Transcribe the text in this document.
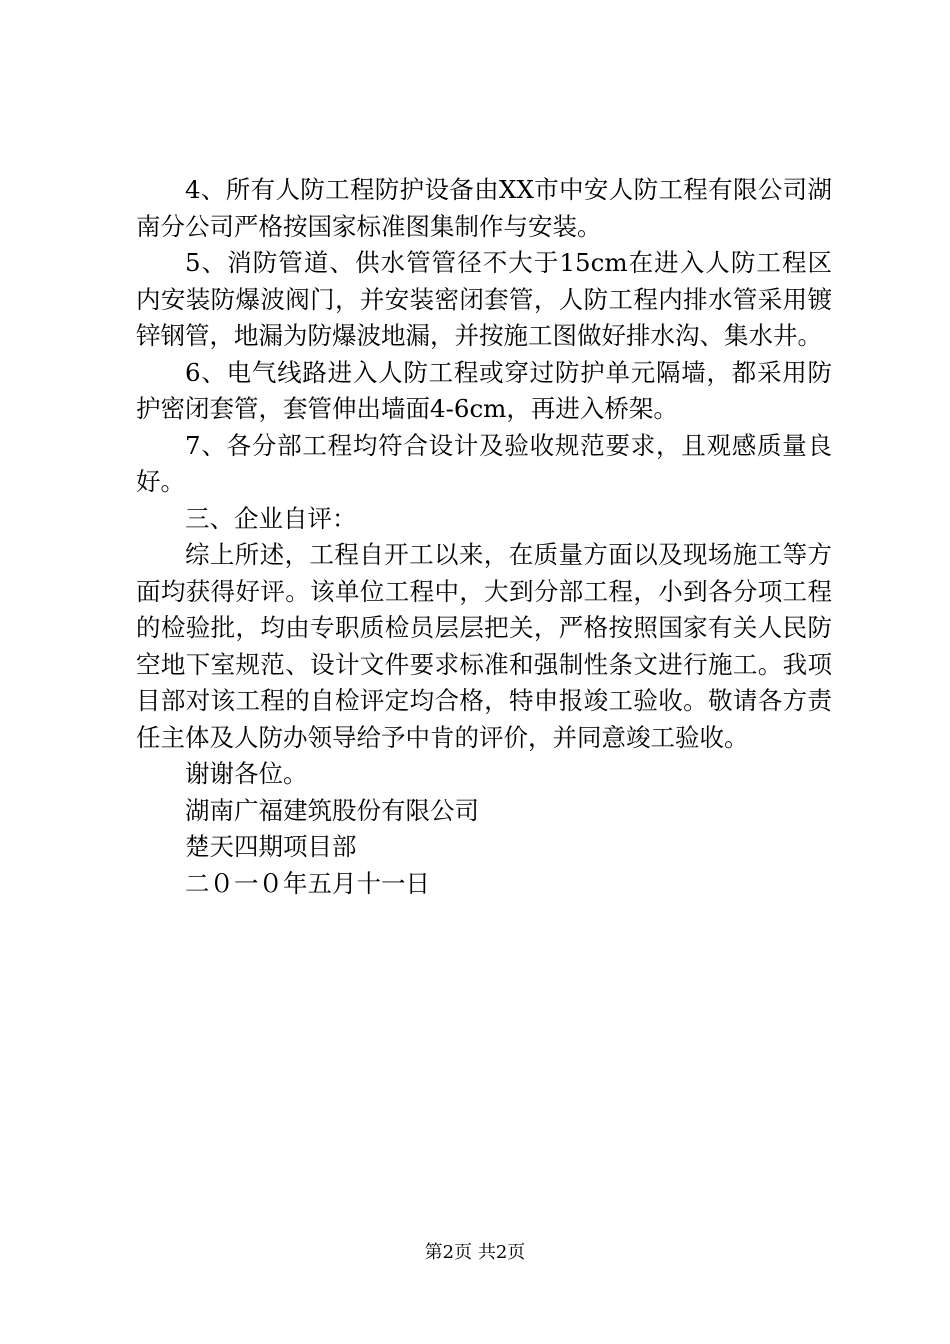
4、所有人防工程防护设备由XX市中安人防工程有限公司湖南分公司严格按国家标准图集制作与安装。

5、消防管道、供水管管径不大于15cm在进入人防工程区内安装防爆波阀门，并安装密闭套管，人防工程内排水管采用镀锌钢管，地漏为防爆波地漏，并按施工图做好排水沟、集水井。

6、电气线路进入人防工程或穿过防护单元隔墙，都采用防护密闭套管，套管伸出墙面4-6cm，再进入桥架。

7、各分部工程均符合设计及验收规范要求，且观感质量良好。

三、企业自评：

综上所述，工程自开工以来，在质量方面以及现场施工等方面均获得好评。该单位工程中，大到分部工程，小到各分项工程的检验批，均由专职质检员层层把关，严格按照国家有关人民防空地下室规范、设计文件要求标准和强制性条文进行施工。我项目部对该工程的自检评定均合格，特申报竣工验收。敬请各方责任主体及人防办领导给予中肯的评价，并同意竣工验收。

谢谢各位。

湖南广福建筑股份有限公司

楚天四期项目部

二０一０年五月十一日

第2页 共2页
